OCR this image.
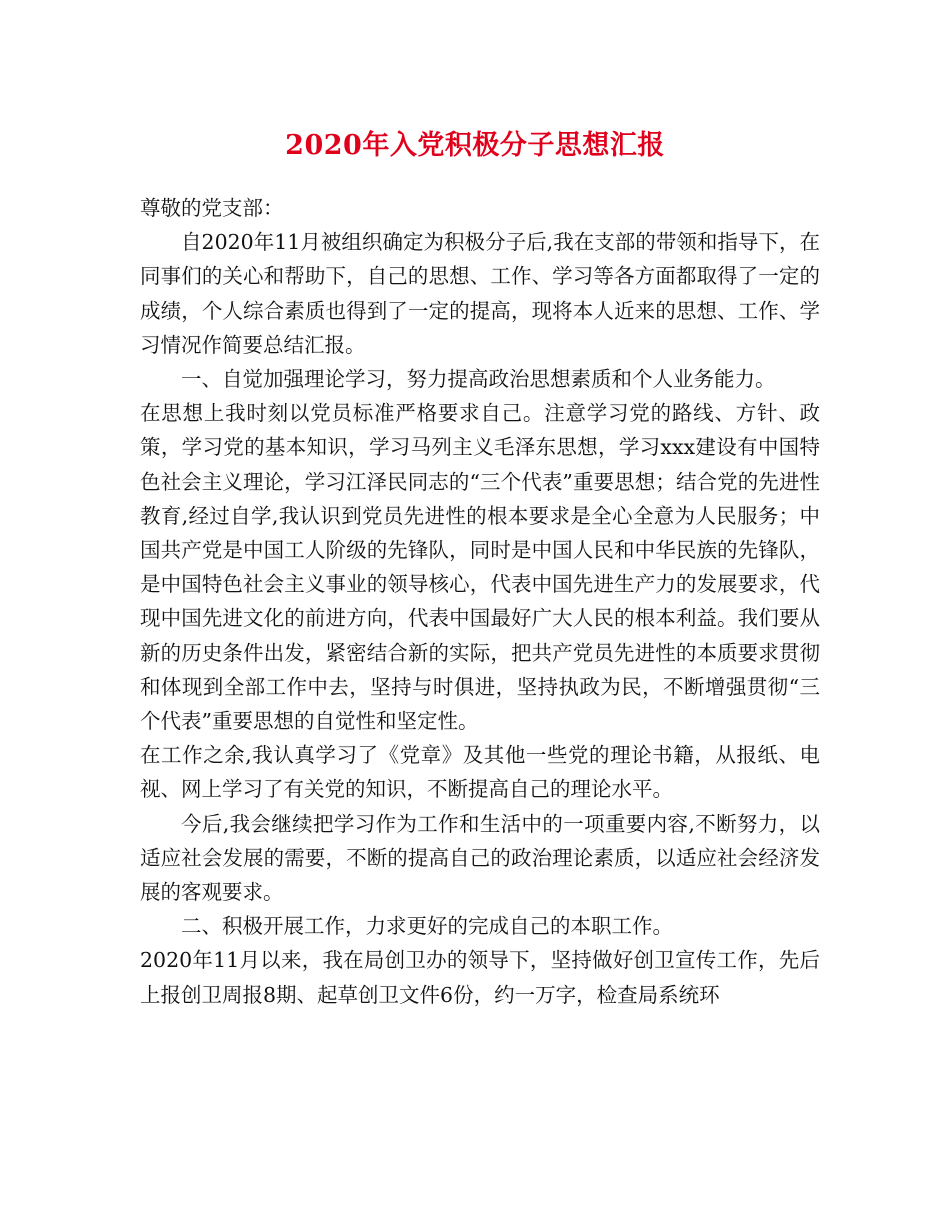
2020年入党积极分子思想汇报

尊敬的党支部：

自2020年11月被组织确定为积极分子后,我在支部的带领和指导下，在同事们的关心和帮助下，自己的思想、工作、学习等各方面都取得了一定的成绩，个人综合素质也得到了一定的提高，现将本人近来的思想、工作、学习情况作简要总结汇报。

一、自觉加强理论学习，努力提高政治思想素质和个人业务能力。

在思想上我时刻以党员标准严格要求自己。注意学习党的路线、方针、政策，学习党的基本知识，学习马列主义毛泽东思想，学习xxx建设有中国特色社会主义理论，学习江泽民同志的“三个代表”重要思想；结合党的先进性教育,经过自学,我认识到党员先进性的根本要求是全心全意为人民服务；中国共产党是中国工人阶级的先锋队，同时是中国人民和中华民族的先锋队，是中国特色社会主义事业的领导核心，代表中国先进生产力的发展要求，代现中国先进文化的前进方向，代表中国最好广大人民的根本利益。我们要从新的历史条件出发，紧密结合新的实际，把共产党员先进性的本质要求贯彻和体现到全部工作中去，坚持与时俱进，坚持执政为民，不断增强贯彻“三个代表”重要思想的自觉性和坚定性。

在工作之余,我认真学习了《党章》及其他一些党的理论书籍，从报纸、电视、网上学习了有关党的知识，不断提高自己的理论水平。

今后,我会继续把学习作为工作和生活中的一项重要内容,不断努力，以适应社会发展的需要，不断的提高自己的政治理论素质，以适应社会经济发展的客观要求。

二、积极开展工作，力求更好的完成自己的本职工作。

2020年11月以来，我在局创卫办的领导下，坚持做好创卫宣传工作，先后上报创卫周报8期、起草创卫文件6份，约一万字，检查局系统环
